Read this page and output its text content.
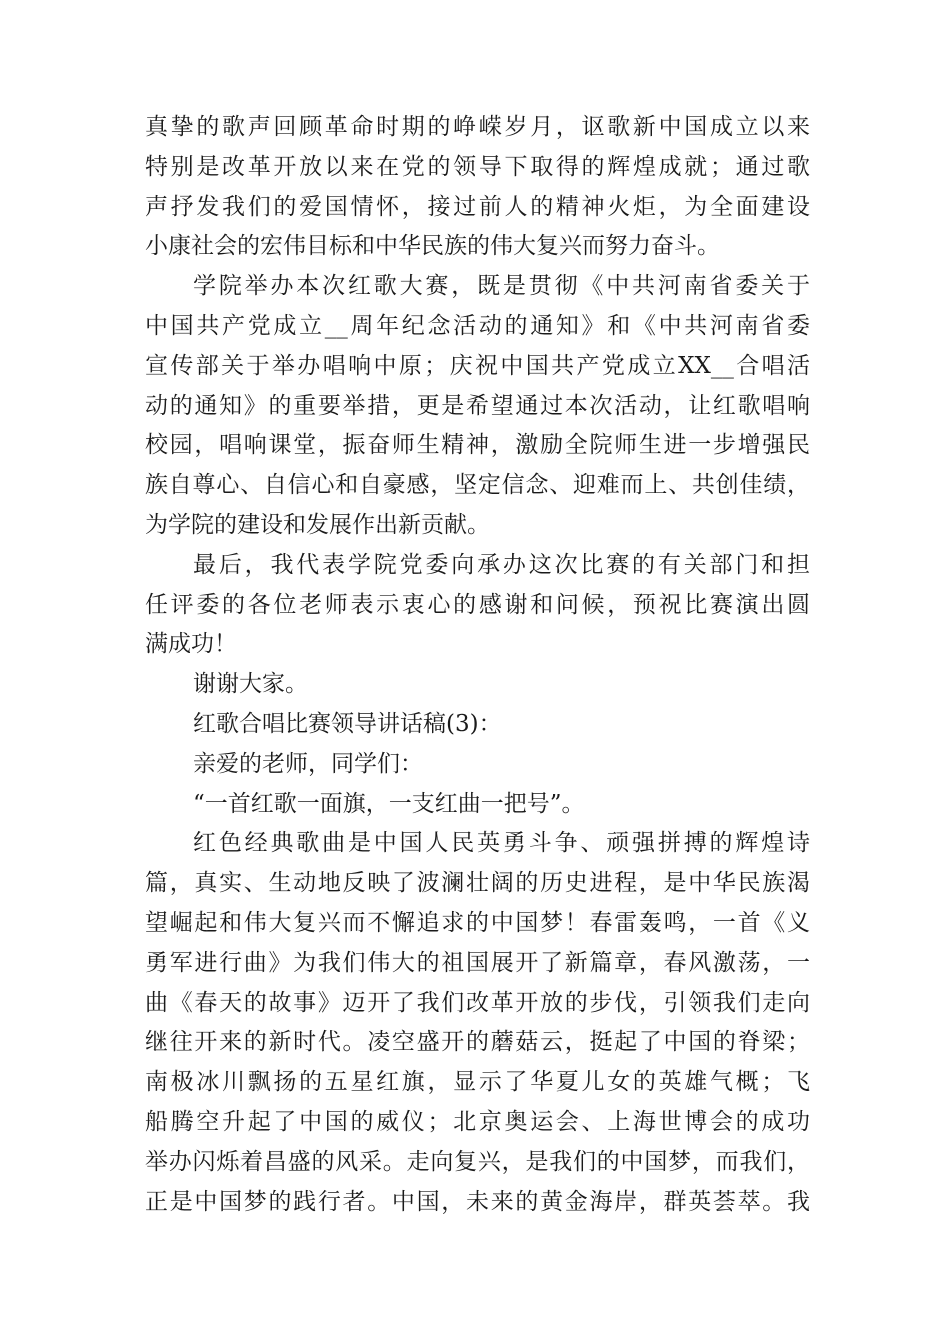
真挚的歌声回顾革命时期的峥嵘岁月，讴歌新中国成立以来
特别是改革开放以来在党的领导下取得的辉煌成就；通过歌
声抒发我们的爱国情怀，接过前人的精神火炬，为全面建设
小康社会的宏伟目标和中华民族的伟大复兴而努力奋斗。
学院举办本次红歌大赛，既是贯彻《中共河南省委关于
中国共产党成立__周年纪念活动的通知》和《中共河南省委
宣传部关于举办唱响中原；庆祝中国共产党成立XX__合唱活
动的通知》的重要举措，更是希望通过本次活动，让红歌唱响
校园，唱响课堂，振奋师生精神，激励全院师生进一步增强民
族自尊心、自信心和自豪感，坚定信念、迎难而上、共创佳绩，
为学院的建设和发展作出新贡献。
最后，我代表学院党委向承办这次比赛的有关部门和担
任评委的各位老师表示衷心的感谢和问候，预祝比赛演出圆
满成功！
谢谢大家。
红歌合唱比赛领导讲话稿(3)：
亲爱的老师，同学们：
“一首红歌一面旗，一支红曲一把号”。
红色经典歌曲是中国人民英勇斗争、顽强拼搏的辉煌诗
篇，真实、生动地反映了波澜壮阔的历史进程，是中华民族渴
望崛起和伟大复兴而不懈追求的中国梦！春雷轰鸣，一首《义
勇军进行曲》为我们伟大的祖国展开了新篇章，春风激荡，一
曲《春天的故事》迈开了我们改革开放的步伐，引领我们走向
继往开来的新时代。凌空盛开的蘑菇云，挺起了中国的脊梁；
南极冰川飘扬的五星红旗，显示了华夏儿女的英雄气概；飞
船腾空升起了中国的威仪；北京奥运会、上海世博会的成功
举办闪烁着昌盛的风采。走向复兴，是我们的中国梦，而我们，
正是中国梦的践行者。中国，未来的黄金海岸，群英荟萃。我
